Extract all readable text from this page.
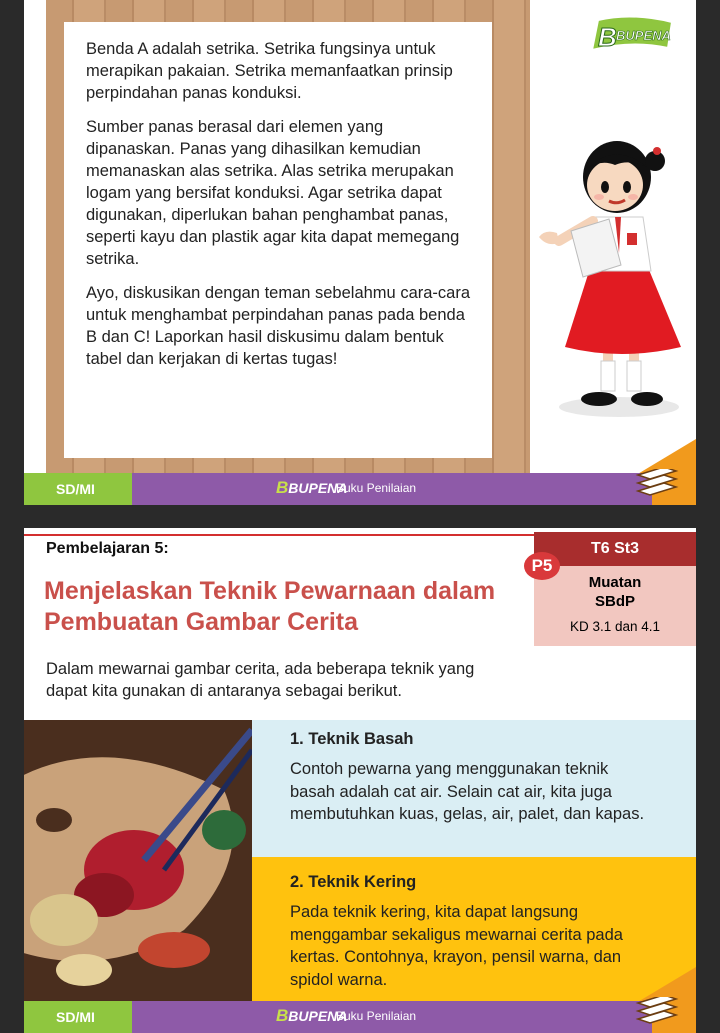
Benda A adalah setrika. Setrika fungsinya untuk merapikan pakaian. Setrika memanfaatkan prinsip perpindahan panas konduksi.

Sumber panas berasal dari elemen yang dipanaskan. Panas yang dihasilkan kemudian memanaskan alas setrika. Alas setrika merupakan logam yang bersifat konduksi. Agar setrika dapat digunakan, diperlukan bahan penghambat panas, seperti kayu dan plastik agar kita dapat memegang setrika.

Ayo, diskusikan dengan teman sebelahmu cara-cara untuk menghambat perpindahan panas pada benda B dan C! Laporkan hasil diskusimu dalam bentuk tabel dan kerjakan di kertas tugas!

B BUPENA
SD/MI	BBUPENA
Buku Penilaian
Pembelajaran 5:
Menjelaskan Teknik Pewarnaan dalam Pembuatan Gambar Cerita
T6 St3
Muatan
SBdP
KD 3.1 dan 4.1
P5
Dalam mewarnai gambar cerita, ada beberapa teknik yang dapat kita gunakan di antaranya sebagai berikut.
1. Teknik Basah

Contoh pewarna yang menggunakan teknik basah adalah cat air. Selain cat air, kita juga membutuhkan kuas, gelas, air, palet, dan kapas.

2. Teknik Kering

Pada teknik kering, kita dapat langsung menggambar sekaligus mewarnai cerita pada kertas. Contohnya, krayon, pensil warna, dan spidol warna.

SD/MI	BBUPENA
Buku Penilaian
